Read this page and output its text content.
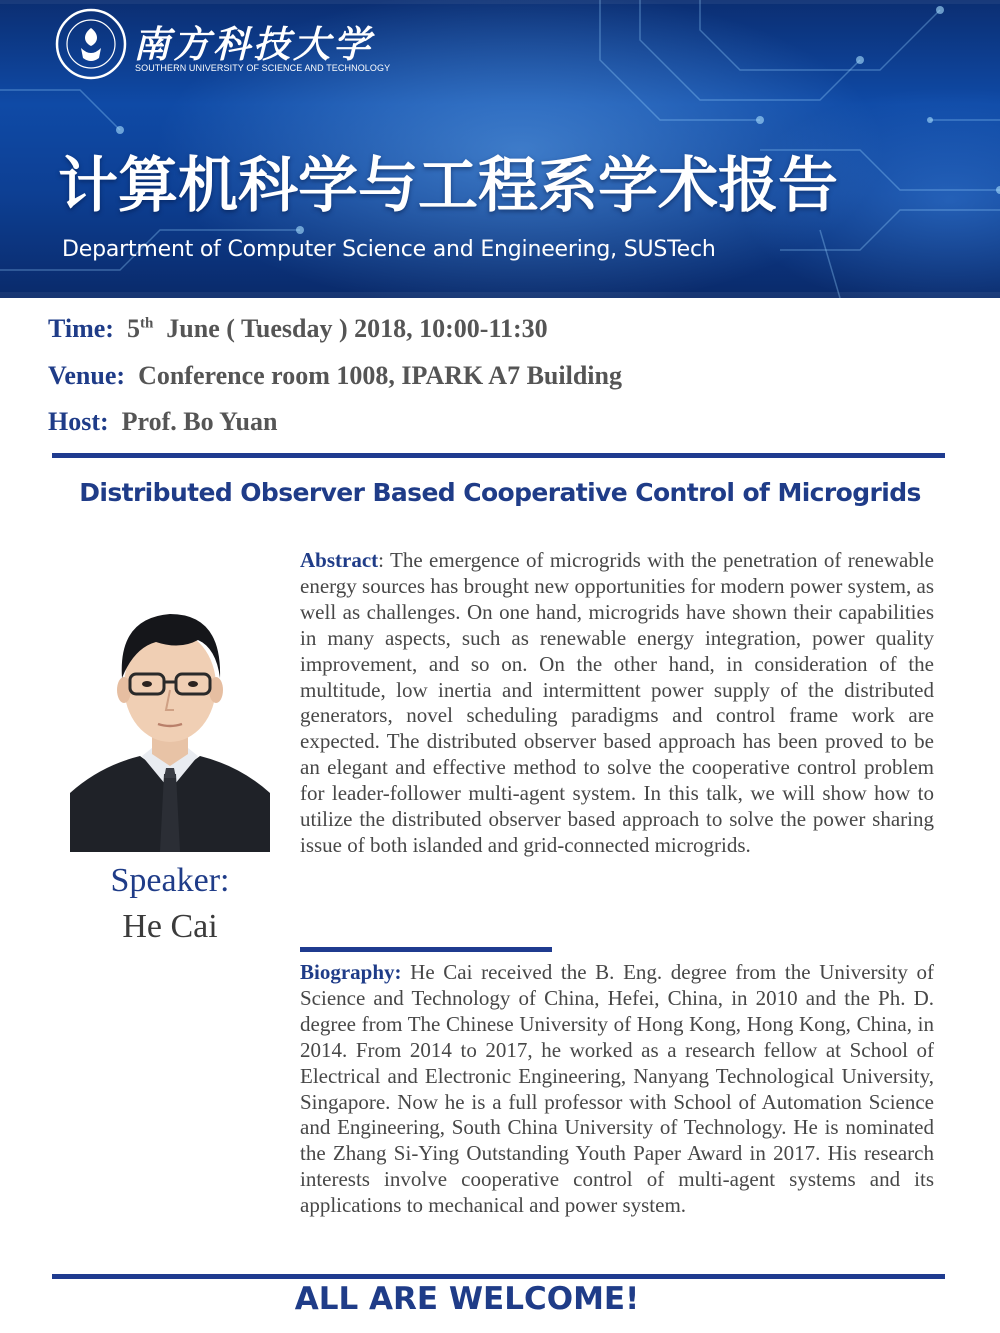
南方科技大学
SOUTHERN UNIVERSITY OF SCIENCE AND TECHNOLOGY
计算机科学与工程系学术报告
Department of Computer Science and Engineering, SUSTech
Time: 5th June ( Tuesday ) 2018, 10:00-11:30
Venue: Conference room 1008, IPARK A7 Building
Host: Prof. Bo Yuan
Distributed Observer Based Cooperative Control of Microgrids
Speaker:
He Cai
Abstract: The emergence of microgrids with the penetration of renewable energy sources has brought new opportunities for modern power system, as well as challenges. On one hand, microgrids have shown their capabilities in many aspects, such as renewable energy integration, power quality improvement, and so on. On the other hand, in consideration of the multitude, low inertia and intermittent power supply of the distributed generators, novel scheduling paradigms and control frame work are expected. The distributed observer based approach has been proved to be an elegant and effective method to solve the cooperative control problem for leader-follower multi-agent system. In this talk, we will show how to utilize the distributed observer based approach to solve the power sharing issue of both islanded and grid-connected microgrids.
Biography: He Cai received the B. Eng. degree from the University of Science and Technology of China, Hefei, China, in 2010 and the Ph. D. degree from The Chinese University of Hong Kong, Hong Kong, China, in 2014. From 2014 to 2017, he worked as a research fellow at School of Electrical and Electronic Engineering, Nanyang Technological University, Singapore. Now he is a full professor with School of Automation Science and Engineering, South China University of Technology. He is nominated the Zhang Si-Ying Outstanding Youth Paper Award in 2017. His research interests involve cooperative control of multi-agent systems and its applications to mechanical and power system.
ALL ARE WELCOME!
